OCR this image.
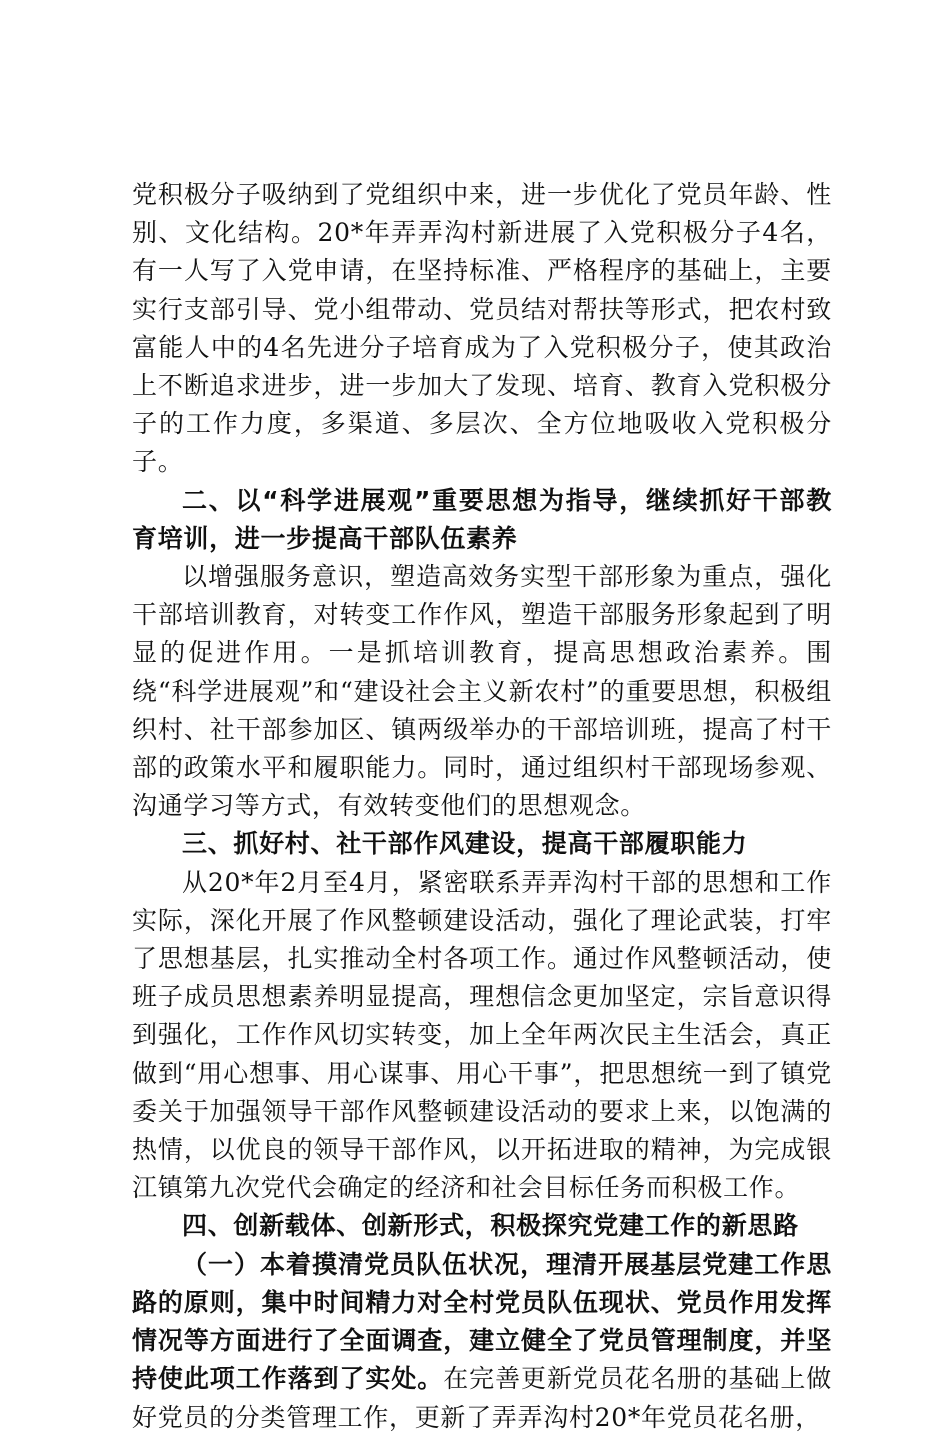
党积极分子吸纳到了党组织中来，进一步优化了党员年龄、性别、文化结构。20*年弄弄沟村新进展了入党积极分子4名，有一人写了入党申请，在坚持标准、严格程序的基础上，主要实行支部引导、党小组带动、党员结对帮扶等形式，把农村致富能人中的4名先进分子培育成为了入党积极分子，使其政治上不断追求进步，进一步加大了发现、培育、教育入党积极分子的工作力度，多渠道、多层次、全方位地吸收入党积极分子。

二、以“科学进展观”重要思想为指导，继续抓好干部教育培训，进一步提高干部队伍素养

以增强服务意识，塑造高效务实型干部形象为重点，强化干部培训教育，对转变工作作风，塑造干部服务形象起到了明显的促进作用。一是抓培训教育，提高思想政治素养。围绕“科学进展观”和“建设社会主义新农村”的重要思想，积极组织村、社干部参加区、镇两级举办的干部培训班，提高了村干部的政策水平和履职能力。同时，通过组织村干部现场参观、沟通学习等方式，有效转变他们的思想观念。

三、抓好村、社干部作风建设，提高干部履职能力

从20*年2月至4月，紧密联系弄弄沟村干部的思想和工作实际，深化开展了作风整顿建设活动，强化了理论武装，打牢了思想基层，扎实推动全村各项工作。通过作风整顿活动，使班子成员思想素养明显提高，理想信念更加坚定，宗旨意识得到强化，工作作风切实转变，加上全年两次民主生活会，真正做到“用心想事、用心谋事、用心干事”，把思想统一到了镇党委关于加强领导干部作风整顿建设活动的要求上来，以饱满的热情，以优良的领导干部作风，以开拓进取的精神，为完成银江镇第九次党代会确定的经济和社会目标任务而积极工作。

四、创新载体、创新形式，积极探究党建工作的新思路

（一）本着摸清党员队伍状况，理清开展基层党建工作思路的原则，集中时间精力对全村党员队伍现状、党员作用发挥情况等方面进行了全面调查，建立健全了党员管理制度，并坚持使此项工作落到了实处。在完善更新党员花名册的基础上做好党员的分类管理工作，更新了弄弄沟村20*年党员花名册，
